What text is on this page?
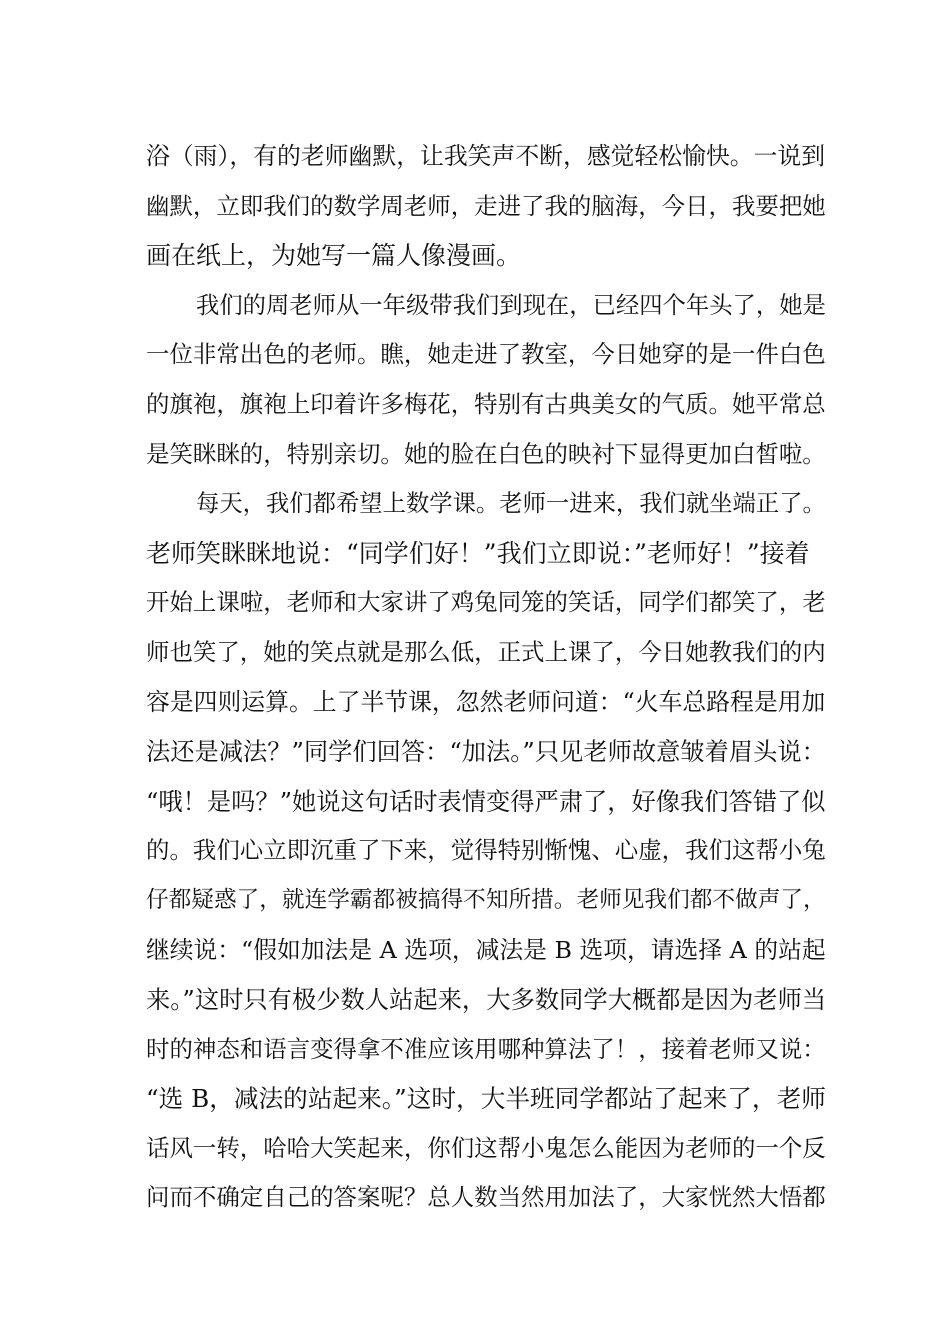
浴（雨），有的老师幽默，让我笑声不断，感觉轻松愉快。一说到
幽默，立即我们的数学周老师，走进了我的脑海，今日，我要把她
画在纸上，为她写一篇人像漫画。
我们的周老师从一年级带我们到现在，已经四个年头了，她是
一位非常出色的老师。瞧，她走进了教室，今日她穿的是一件白色
的旗袍，旗袍上印着许多梅花，特别有古典美女的气质。她平常总
是笑眯眯的，特别亲切。她的脸在白色的映衬下显得更加白皙啦。
每天，我们都希望上数学课。老师一进来，我们就坐端正了。
老师笑眯眯地说：“同学们好！”我们立即说：”老师好！”接着
开始上课啦，老师和大家讲了鸡兔同笼的笑话，同学们都笑了，老
师也笑了，她的笑点就是那么低，正式上课了，今日她教我们的内
容是四则运算。上了半节课，忽然老师问道：“火车总路程是用加
法还是减法？”同学们回答：“加法。”只见老师故意皱着眉头说：
“哦！是吗？”她说这句话时表情变得严肃了，好像我们答错了似
的。我们心立即沉重了下来，觉得特别惭愧、心虚，我们这帮小兔
仔都疑惑了，就连学霸都被搞得不知所措。老师见我们都不做声了，
继续说：“假如加法是 A 选项，减法是 B 选项，请选择 A 的站起
来。”这时只有极少数人站起来，大多数同学大概都是因为老师当
时的神态和语言变得拿不准应该用哪种算法了！，接着老师又说：
“选 B，减法的站起来。”这时，大半班同学都站了起来了，老师
话风一转，哈哈大笑起来，你们这帮小鬼怎么能因为老师的一个反
问而不确定自己的答案呢？总人数当然用加法了，大家恍然大悟都
